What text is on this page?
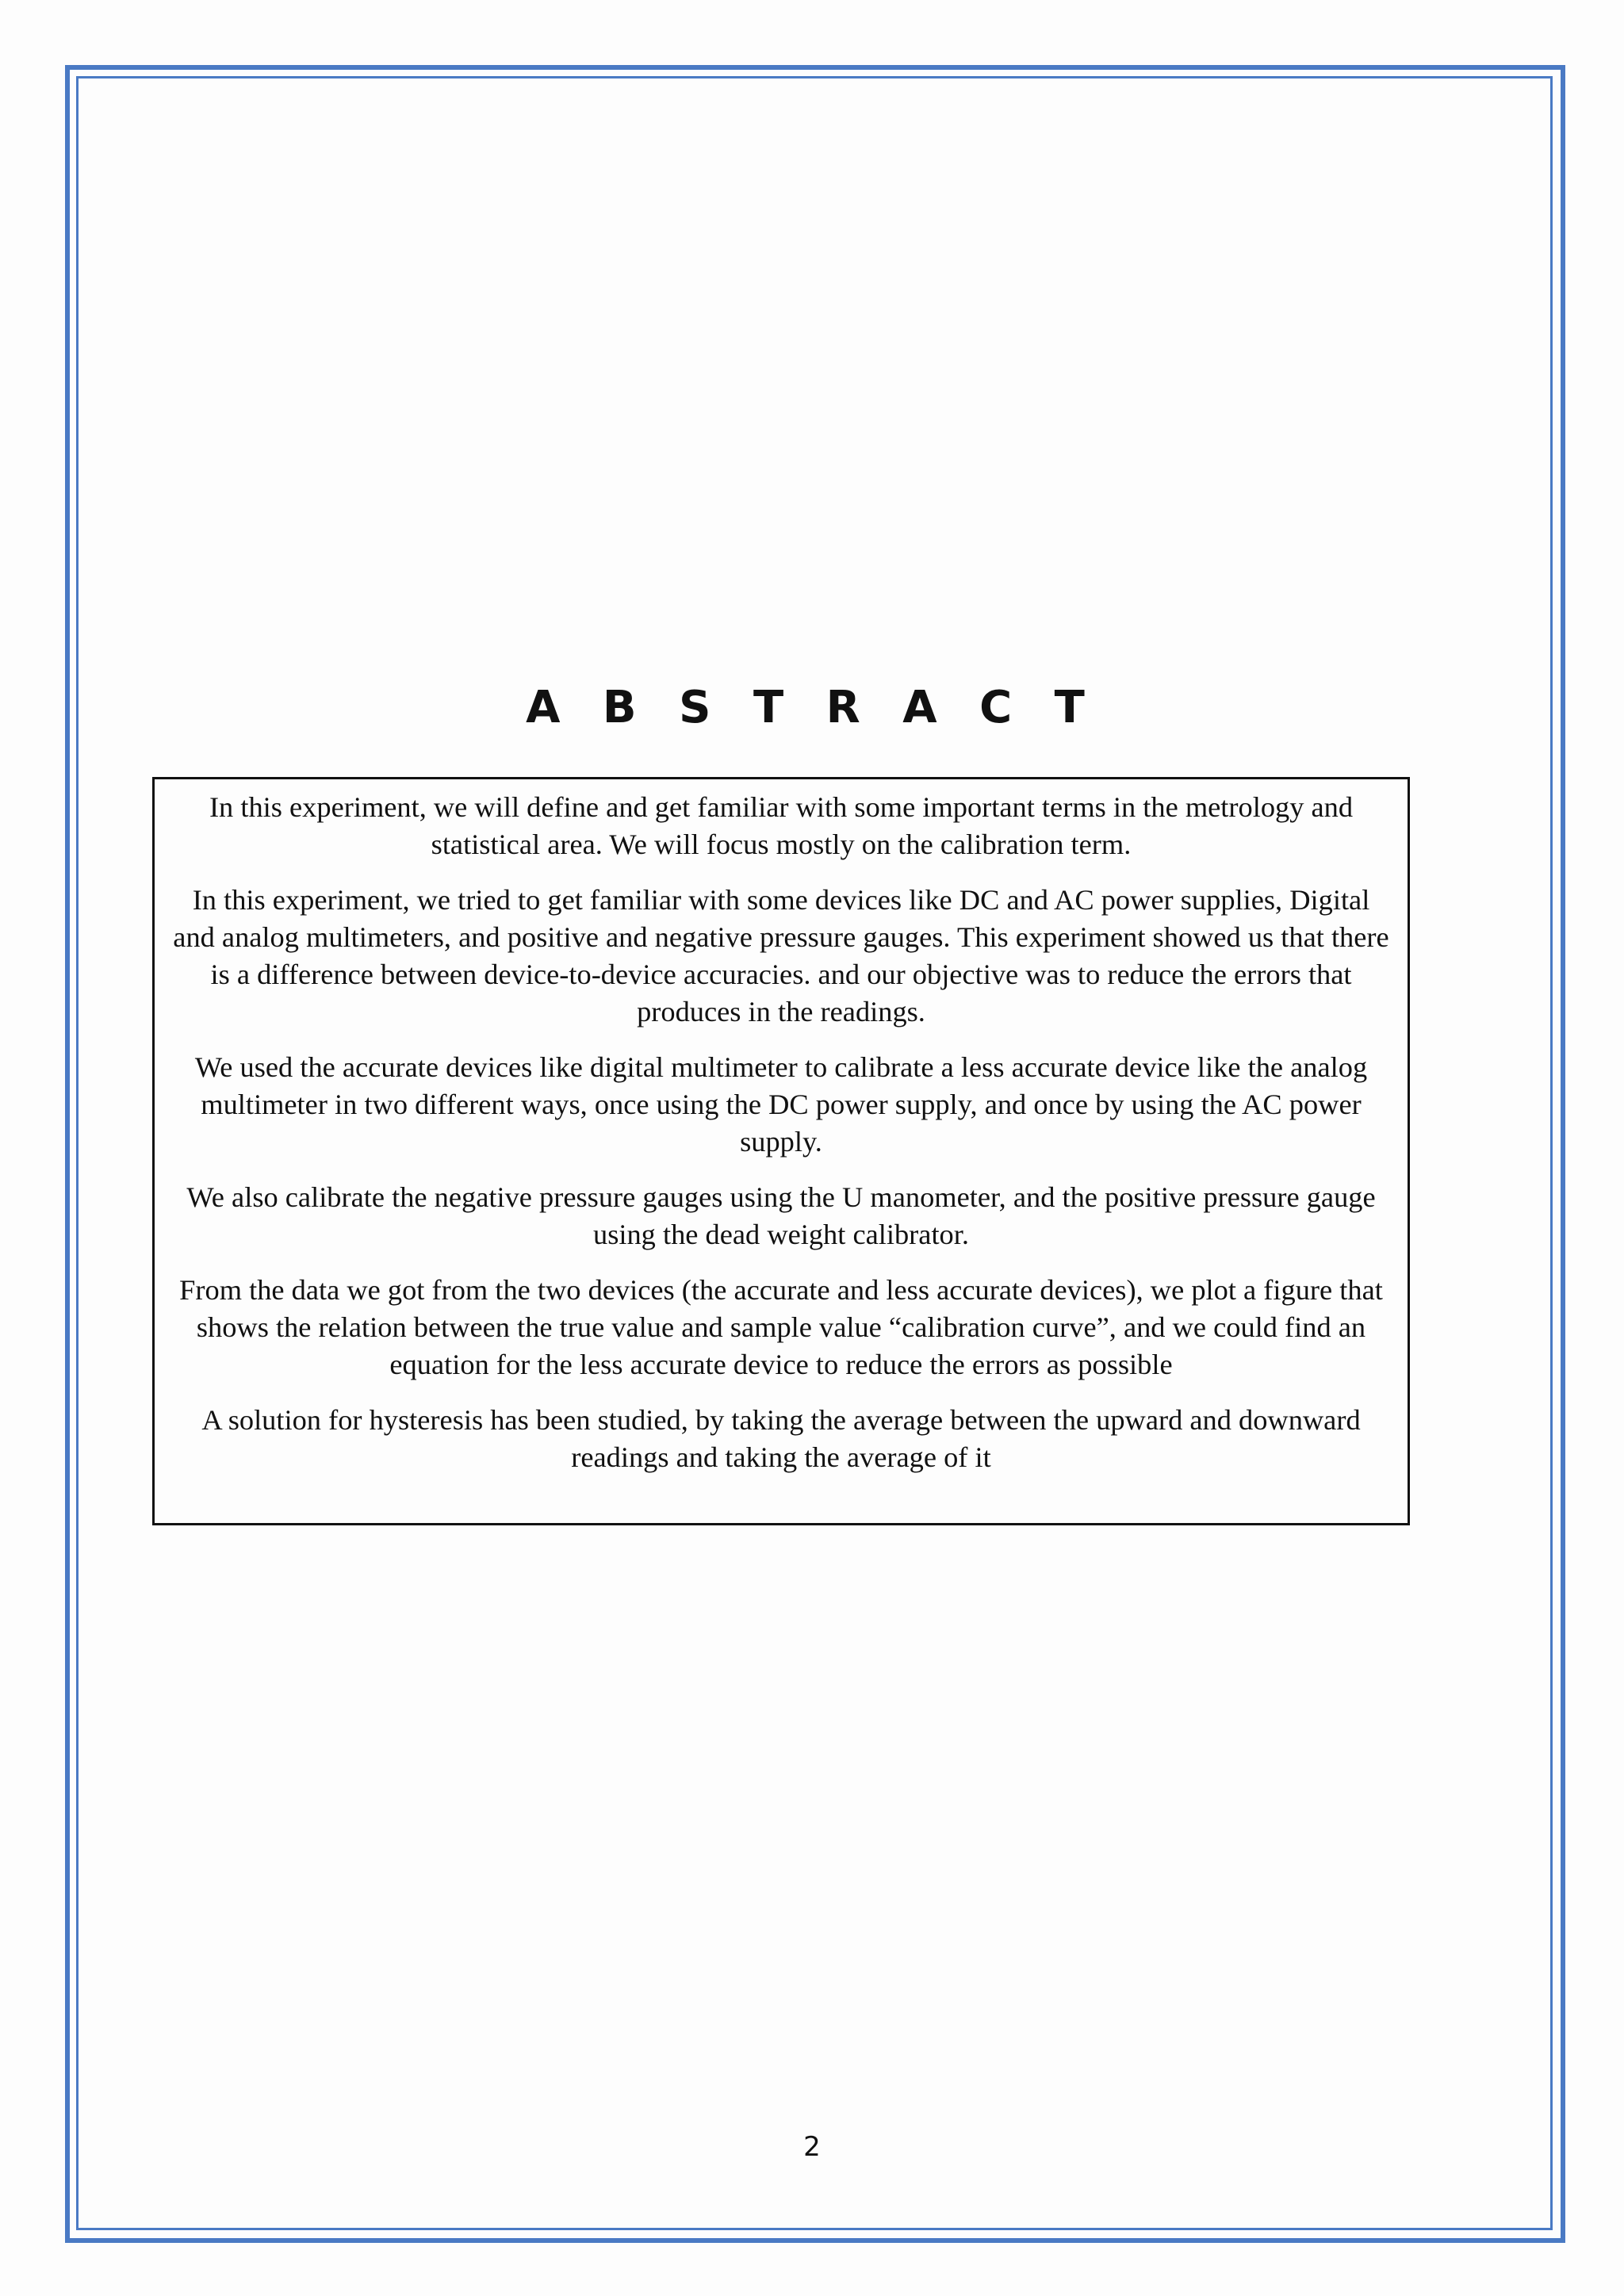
A B S T R A C T

In this experiment, we will define and get familiar with some important terms in the metrology and statistical area. We will focus mostly on the calibration term.

In this experiment, we tried to get familiar with some devices like DC and AC power supplies, Digital and analog multimeters, and positive and negative pressure gauges. This experiment showed us that there is a difference between device-to-device accuracies. and our objective was to reduce the errors that produces in the readings.

We used the accurate devices like digital multimeter to calibrate a less accurate device like the analog multimeter in two different ways, once using the DC power supply, and once by using the AC power supply.

We also calibrate the negative pressure gauges using the U manometer, and the positive pressure gauge using the dead weight calibrator.

From the data we got from the two devices (the accurate and less accurate devices), we plot a figure that shows the relation between the true value and sample value “calibration curve”, and we could find an equation for the less accurate device to reduce the errors as possible

A solution for hysteresis has been studied, by taking the average between the upward and downward readings and taking the average of it

2
